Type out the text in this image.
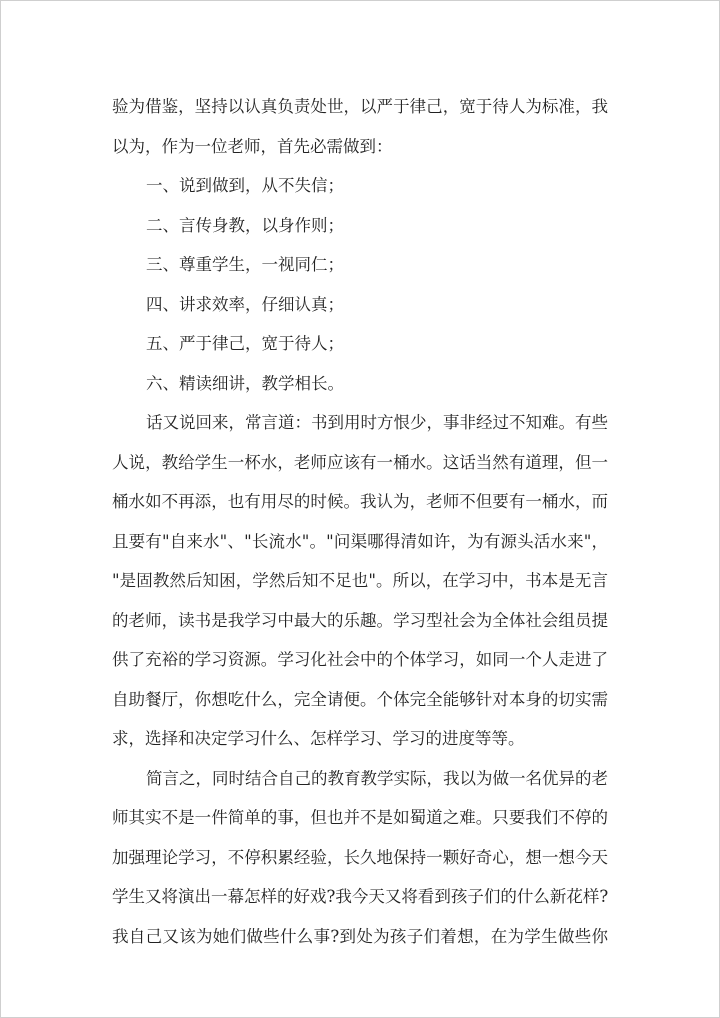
验为借鉴，坚持以认真负责处世，以严于律己，宽于待人为标准，我
以为，作为一位老师，首先必需做到：
一、说到做到，从不失信；
二、言传身教，以身作则；
三、尊重学生，一视同仁；
四、讲求效率，仔细认真；
五、严于律己，宽于待人；
六、精读细讲，教学相长。
话又说回来，常言道：书到用时方恨少，事非经过不知难。有些
人说，教给学生一杯水，老师应该有一桶水。这话当然有道理，但一
桶水如不再添，也有用尽的时候。我认为，老师不但要有一桶水，而
且要有"自来水"、"长流水"。"问渠哪得清如许，为有源头活水来"，
"是固教然后知困，学然后知不足也"。所以，在学习中，书本是无言
的老师，读书是我学习中最大的乐趣。学习型社会为全体社会组员提
供了充裕的学习资源。学习化社会中的个体学习，如同一个人走进了
自助餐厅，你想吃什么，完全请便。个体完全能够针对本身的切实需
求，选择和决定学习什么、怎样学习、学习的进度等等。
简言之，同时结合自己的教育教学实际，我以为做一名优异的老
师其实不是一件简单的事，但也并不是如蜀道之难。只要我们不停的
加强理论学习，不停积累经验，长久地保持一颗好奇心，想一想今天
学生又将演出一幕怎样的好戏?我今天又将看到孩子们的什么新花样?
我自己又该为她们做些什么事?到处为孩子们着想，在为学生做些你
